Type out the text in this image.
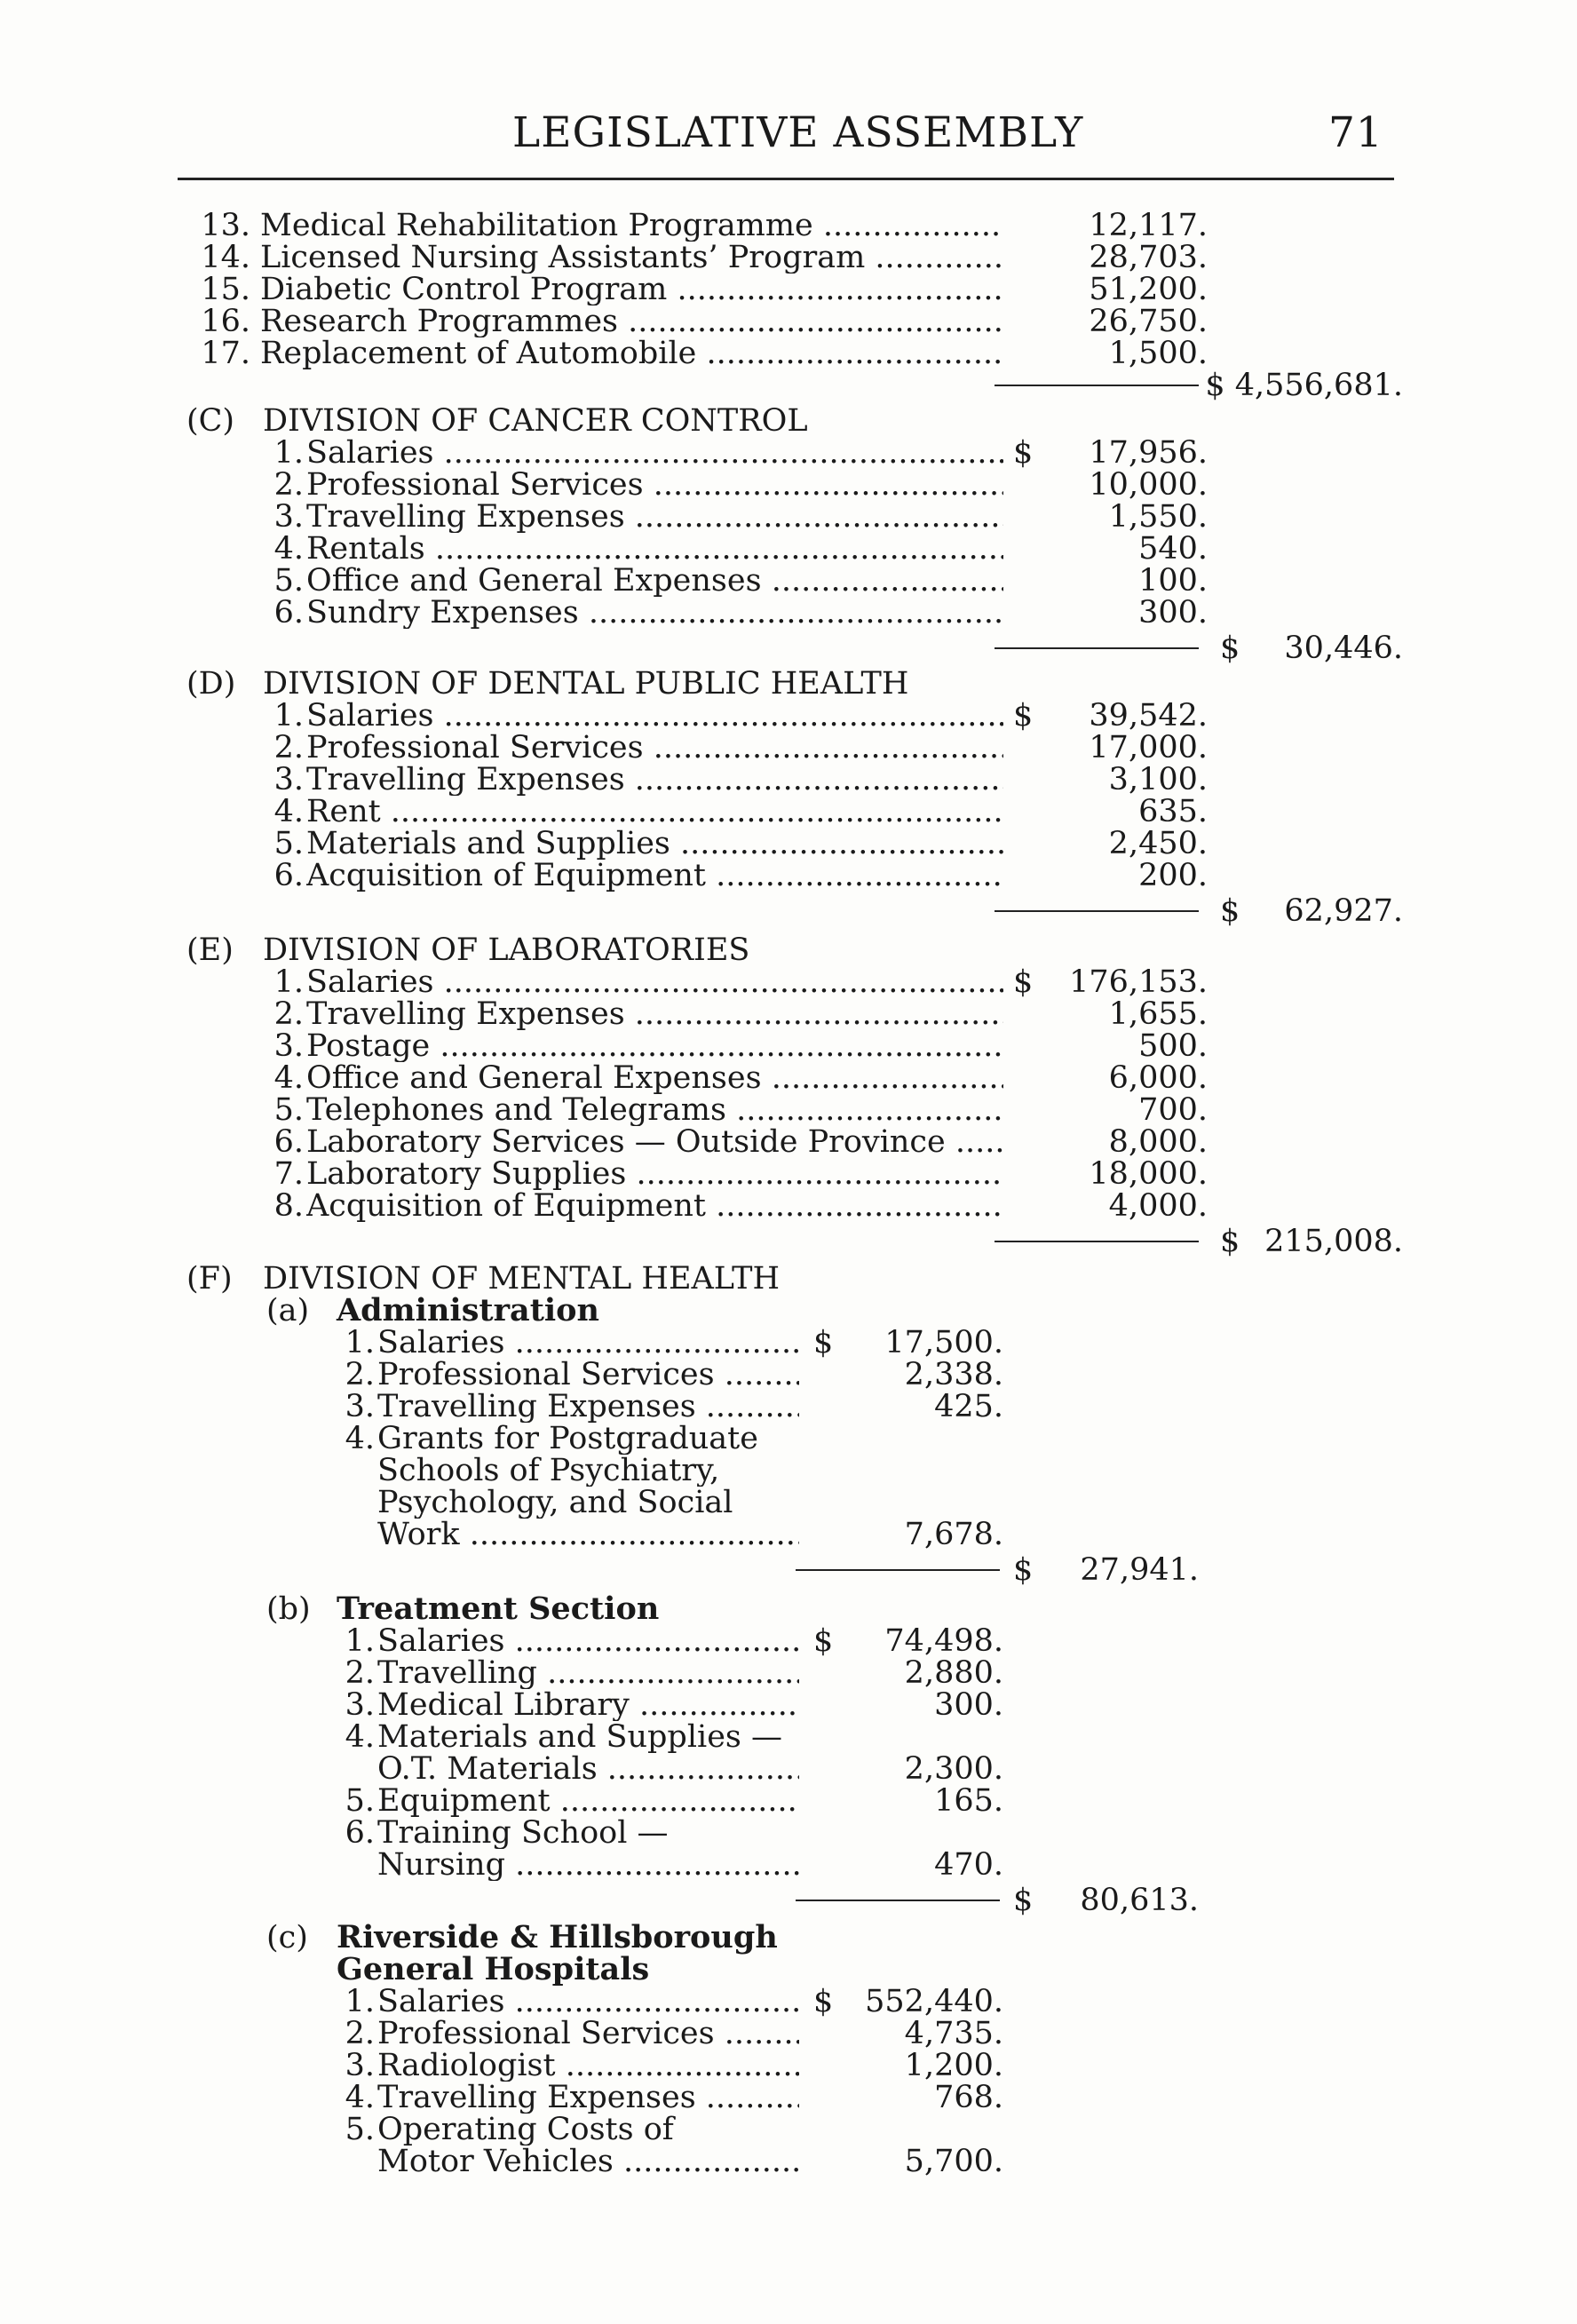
LEGISLATIVE ASSEMBLY	71
13. Medical Rehabilitation Programme .....	12,117.
14. Licensed Nursing Assistants’ Program .....	28,703.
15. Diabetic Control Program .....	51,200.
16. Research Programmes .....	26,750.
17. Replacement of Automobile .....	1,500.
$ 4,556,681.
(C) DIVISION OF CANCER CONTROL
1. Salaries .....	$	17,956.
2. Professional Services .....	10,000.
3. Travelling Expenses .....	1,550.
4. Rentals .....	540.
5. Office and General Expenses .....	100.
6. Sundry Expenses .....	300.
$	30,446.
(D) DIVISION OF DENTAL PUBLIC HEALTH
1. Salaries .....	$	39,542.
2. Professional Services .....	17,000.
3. Travelling Expenses .....	3,100.
4. Rent .....	635.
5. Materials and Supplies .....	2,450.
6. Acquisition of Equipment .....	200.
$	62,927.
(E) DIVISION OF LABORATORIES
1. Salaries .....	$	176,153.
2. Travelling Expenses .....	1,655.
3. Postage .....	500.
4. Office and General Expenses .....	6,000.
5. Telephones and Telegrams .....	700.
6. Laboratory Services — Outside Province .....	8,000.
7. Laboratory Supplies .....	18,000.
8. Acquisition of Equipment .....	4,000.
$ 215,008.
(F) DIVISION OF MENTAL HEALTH
(a) Administration
1. Salaries .....	$	17,500.
2. Professional Services .....	2,338.
3. Travelling Expenses .....	425.
4. Grants for Postgraduate
Schools of Psychiatry,
Psychology, and Social
Work .....	7,678.
$	27,941.
(b) Treatment Section
1. Salaries .....	$	74,498.
2. Travelling .....	2,880.
3. Medical Library .....	300.
4. Materials and Supplies —
O.T. Materials .....	2,300.
5. Equipment .....	165.
6. Training School —
Nursing .....	470.
$	80,613.
(c) Riverside & Hillsborough
General Hospitals
1. Salaries .....	$	552,440.
2. Professional Services .....	4,735.
3. Radiologist .....	1,200.
4. Travelling Expenses .....	768.
5. Operating Costs of
Motor Vehicles .....	5,700.
